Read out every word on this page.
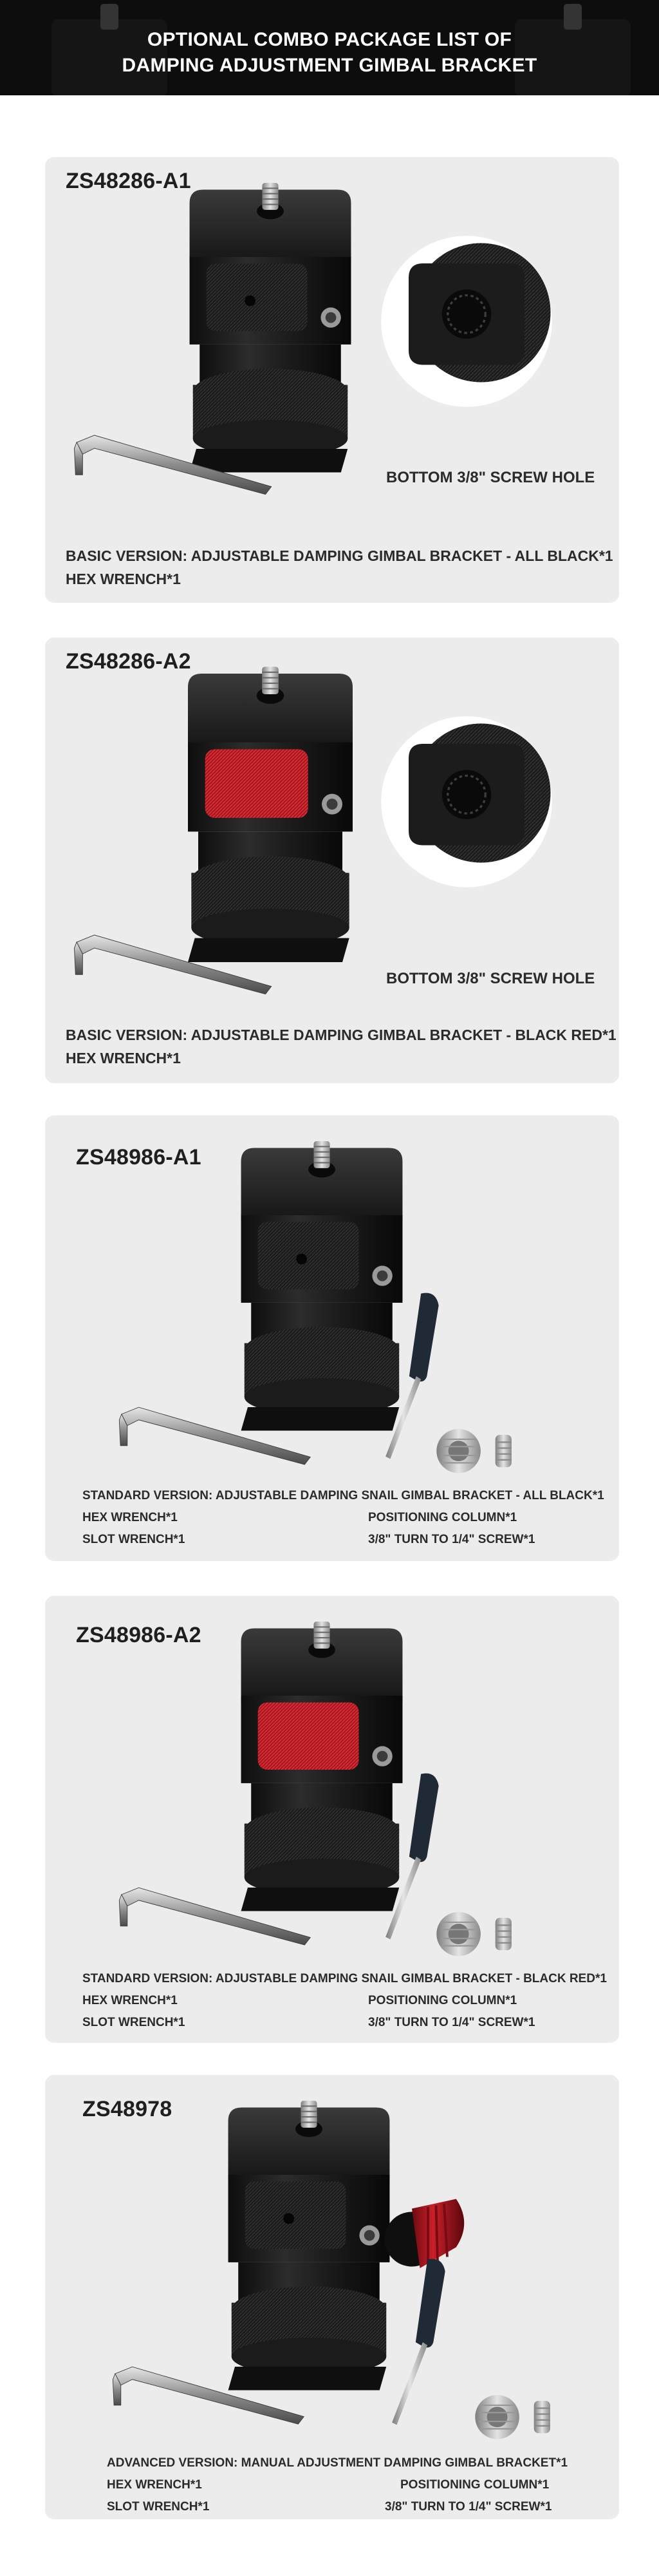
OPTIONAL COMBO PACKAGE LIST OF
DAMPING ADJUSTMENT GIMBAL BRACKET
ZS48286-A1
BOTTOM 3/8" SCREW HOLE
BASIC VERSION: ADJUSTABLE DAMPING GIMBAL BRACKET - ALL BLACK*1
HEX WRENCH*1
ZS48286-A2
BOTTOM 3/8" SCREW HOLE
BASIC VERSION: ADJUSTABLE DAMPING GIMBAL BRACKET - BLACK RED*1
HEX WRENCH*1
ZS48986-A1
STANDARD VERSION: ADJUSTABLE DAMPING SNAIL GIMBAL BRACKET - ALL BLACK*1
HEX WRENCH*1
SLOT WRENCH*1
POSITIONING COLUMN*1
3/8" TURN TO 1/4" SCREW*1
ZS48986-A2
STANDARD VERSION: ADJUSTABLE DAMPING SNAIL GIMBAL BRACKET - BLACK RED*1
HEX WRENCH*1
SLOT WRENCH*1
POSITIONING COLUMN*1
3/8" TURN TO 1/4" SCREW*1
ZS48978
ADVANCED VERSION: MANUAL ADJUSTMENT DAMPING GIMBAL BRACKET*1
HEX WRENCH*1
SLOT WRENCH*1
POSITIONING COLUMN*1
3/8" TURN TO 1/4" SCREW*1
